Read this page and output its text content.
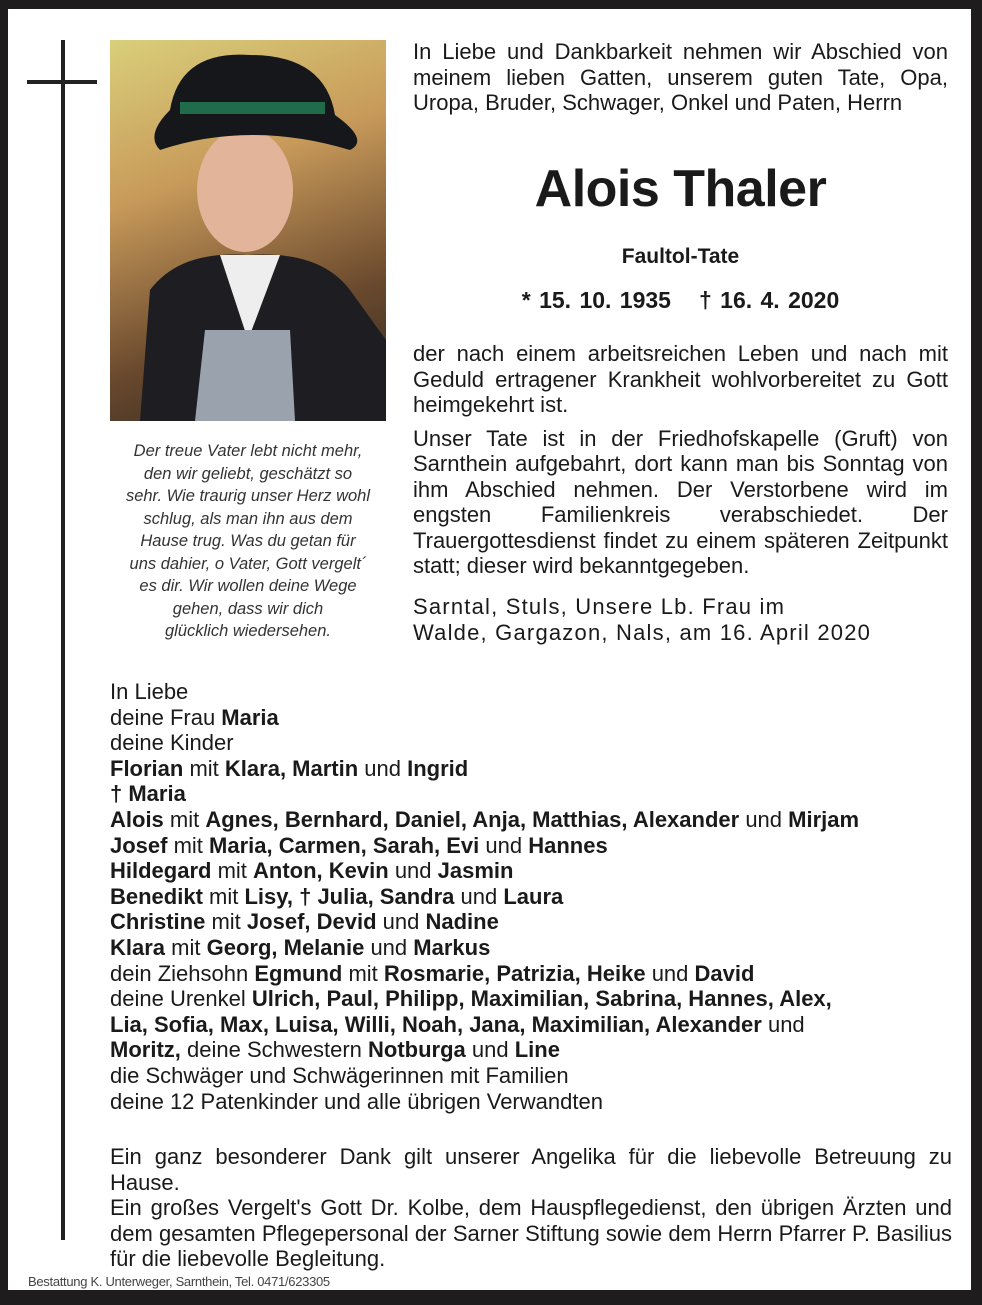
Der treue Vater lebt nicht mehr,
den wir geliebt, geschätzt so
sehr. Wie traurig unser Herz wohl
schlug, als man ihn aus dem
Hause trug. Was du getan für
uns dahier, o Vater, Gott vergelt´
es dir. Wir wollen deine Wege
gehen, dass wir dich
glücklich wiedersehen.
In Liebe und Dankbarkeit nehmen wir Abschied von meinem lieben Gatten, unserem guten Tate, Opa, Uropa, Bruder, Schwager, Onkel und Paten, Herrn
Alois Thaler
Faultol-Tate
* 15. 10. 1935 † 16. 4. 2020

der nach einem arbeitsreichen Leben und nach mit Geduld ertragener Krankheit wohlvorbereitet zu Gott heimgekehrt ist.

Unser Tate ist in der Friedhofskapelle (Gruft) von Sarnthein aufgebahrt, dort kann man bis Sonntag von ihm Abschied nehmen. Der Verstorbene wird im engsten Familienkreis verabschiedet. Der Trauergottesdienst findet zu einem späteren Zeitpunkt statt; dieser wird bekanntgegeben.

Sarntal, Stuls, Unsere Lb. Frau im
Walde, Gargazon, Nals, am 16. April 2020
In Liebe
deine Frau Maria
deine Kinder
Florian mit Klara, Martin und Ingrid
† Maria
Alois mit Agnes, Bernhard, Daniel, Anja, Matthias, Alexander und Mirjam
Josef mit Maria, Carmen, Sarah, Evi und Hannes
Hildegard mit Anton, Kevin und Jasmin
Benedikt mit Lisy, † Julia, Sandra und Laura
Christine mit Josef, Devid und Nadine
Klara mit Georg, Melanie und Markus
dein Ziehsohn Egmund mit Rosmarie, Patrizia, Heike und David
deine Urenkel Ulrich, Paul, Philipp, Maximilian, Sabrina, Hannes, Alex,
Lia, Sofia, Max, Luisa, Willi, Noah, Jana, Maximilian, Alexander und
Moritz, deine Schwestern Notburga und Line
die Schwäger und Schwägerinnen mit Familien
deine 12 Patenkinder und alle übrigen Verwandten

Ein ganz besonderer Dank gilt unserer Angelika für die liebevolle Betreuung zu Hause.

Ein großes Vergelt's Gott Dr. Kolbe, dem Hauspflegedienst, den übrigen Ärzten und dem gesamten Pflegepersonal der Sarner Stiftung sowie dem Herrn Pfarrer P. Basilius für die liebevolle Begleitung.

Bestattung K. Unterweger, Sarnthein, Tel. 0471/623305
